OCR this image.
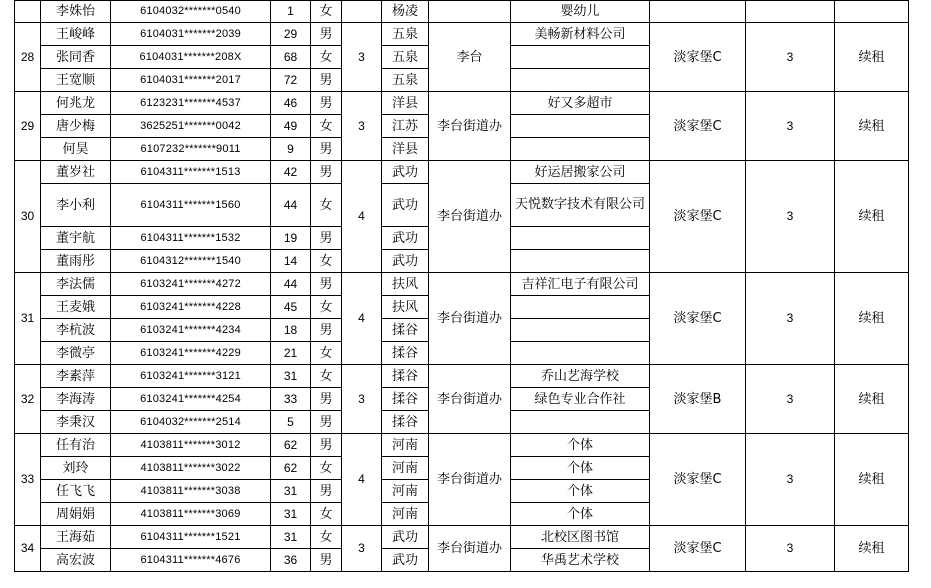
	李姝怡	6104032*******0540	1	女		杨凌		婴幼儿			
28	王峻峰	6104031*******2039	29	男	3	五泉	李台	美畅新材料公司	淡家堡C	3	续租
	张同香	6104031*******208X	68	女		五泉					
	王宽顺	6104031*******2017	72	男		五泉					
29	何兆龙	6123231*******4537	46	男	3	洋县	李台街道办	好又多超市	淡家堡C	3	续租
	唐少梅	3625251*******0042	49	女		江苏					
	何昊	6107232*******9011	9	男		洋县					
30	董岁社	6104311*******1513	42	男	4	武功	李台街道办	好运居搬家公司	淡家堡C	3	续租
	李小利	6104311*******1560	44	女		武功		天悦数字技术有限公司			
	董宇航	6104311*******1532	19	男		武功					
	董雨彤	6104312*******1540	14	女		武功					
31	李法儒	6103241*******4272	44	男	4	扶风	李台街道办	吉祥汇电子有限公司	淡家堡C	3	续租
	王麦娥	6103241*******4228	45	女		扶风					
	李杭波	6103241*******4234	18	男		揉谷					
	李微亭	6103241*******4229	21	女		揉谷					
32	李素萍	6103241*******3121	31	女	3	揉谷	李台街道办	乔山艺海学校	淡家堡B	3	续租
	李海涛	6103241*******4254	33	男		揉谷		绿色专业合作社			
	李秉汉	6104032*******2514	5	男		揉谷					
33	任有治	4103811*******3012	62	男	4	河南	李台街道办	个体	淡家堡C	3	续租
	刘玲	4103811*******3022	62	女		河南		个体			
	任飞飞	4103811*******3038	31	男		河南		个体			
	周娟娟	4103811*******3069	31	女		河南		个体			
34	王海茹	6104311*******1521	31	女	3	武功	李台街道办	北校区图书馆	淡家堡C	3	续租
	高宏波	6104311*******4676	36	男		武功		华禹艺术学校			
